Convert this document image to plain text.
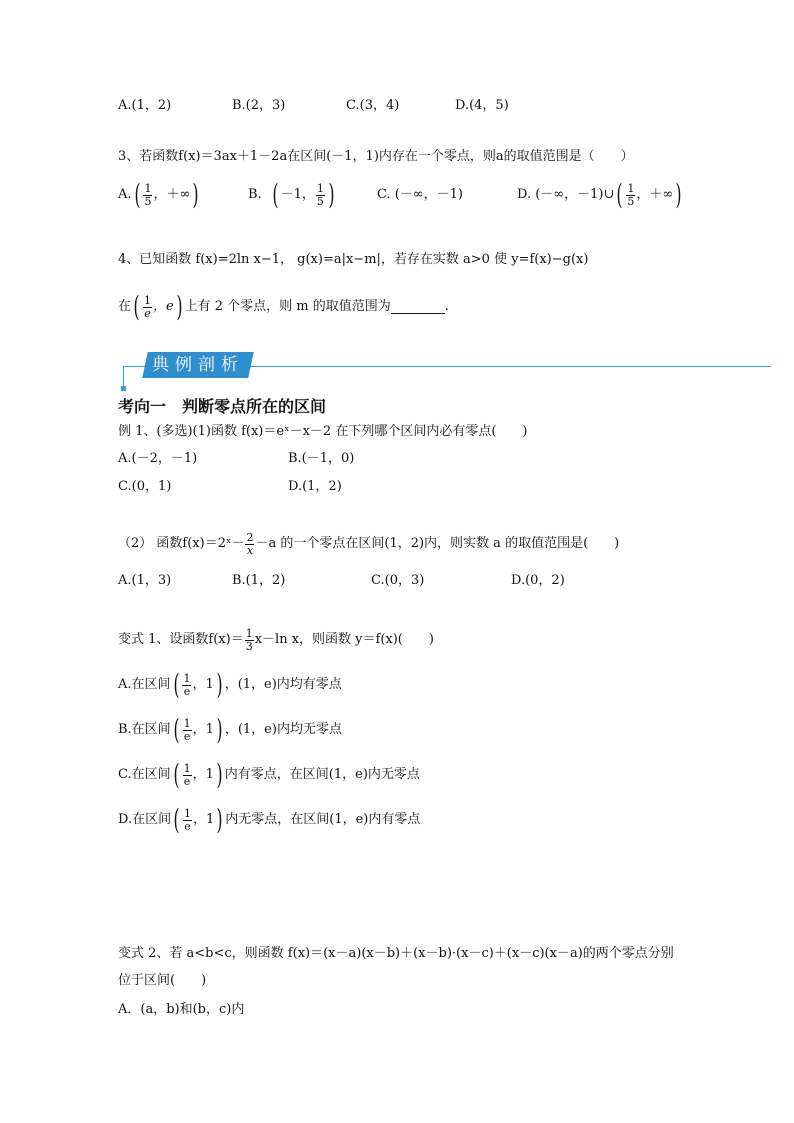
A.(1，2)	B.(2，3)	C.(3，4)	D.(4，5)
3、若函数f(x)＝3ax＋1－2a在区间(－1，1)内存在一个零点，则a的取值范围是（　　）
A. ( $\frac{1}{5}$ ，＋∞ )	B. ( －1， $\frac{1}{5}$ )	C. (－∞，－1)	D. (－∞，－1)∪ ( $\frac{1}{5}$ ，＋∞ )
4、已知函数 f(x)=2ln x−1， g(x)=a|x−m|，若存在实数 a>0 使 y=f(x)−g(x)
在 ( $\frac{1}{e}$ ，e ) 上有 2 个零点，则 m 的取值范围为	.
典例剖析
考向一　判断零点所在的区间
例 1、(多选)(1)函数 f(x)＝eˣ－x－2 在下列哪个区间内必有零点(　　)
A.(－2，－1)	B.(－1，0)
C.(0，1)	D.(1，2)
（2） 函数f(x)＝2ˣ－ $\frac{2}{x} -a$ 的一个零点在区间(1，2)内，则实数 a 的取值范围是(　　)
A.(1，3)	B.(1，2)	C.(0，3)	D.(0，2)
变式 1、设函数$f(x)= \frac{1}{3} x-\ln$ x，则函数 y＝f(x)(　　)
A.在区间 ( $\frac{1}{e}$ ，1 ) ，(1，e)内均有零点
B.在区间 ( $\frac{1}{e}$ ，1 ) ，(1，e)内均无零点
C.在区间 ( $\frac{1}{e}$ ，1 ) 内有零点，在区间(1，e)内无零点
D.在区间 ( $\frac{1}{e}$ ，1 ) 内无零点，在区间(1，e)内有零点
变式 2、若 a<b<c，则函数 f(x)＝(x－a)(x－b)＋(x－b)·(x－c)＋(x－c)(x－a)的两个零点分别
位于区间(　　)
A．(a，b)和(b，c)内
